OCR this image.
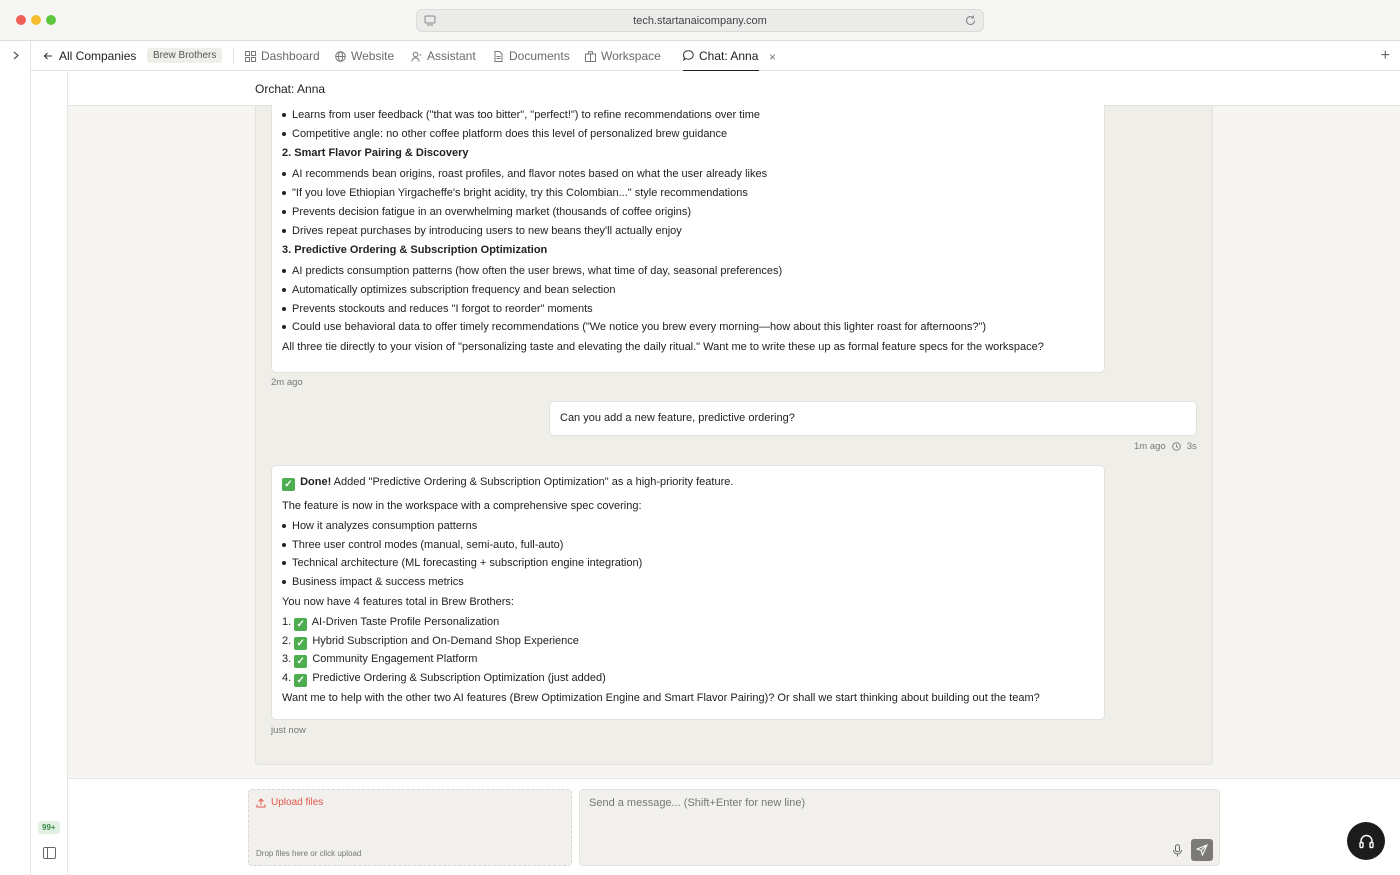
tech.startanaicompany.com
99+
All Companies	Brew Brothers	Dashboard	Website	Assistant	Documents	Workspace	Chat: Anna ×	+
Orchat: Anna
Learns from user feedback ("that was too bitter", "perfect!") to refine recommendations over time
Competitive angle: no other coffee platform does this level of personalized brew guidance
2. Smart Flavor Pairing & Discovery
AI recommends bean origins, roast profiles, and flavor notes based on what the user already likes
"If you love Ethiopian Yirgacheffe's bright acidity, try this Colombian..." style recommendations
Prevents decision fatigue in an overwhelming market (thousands of coffee origins)
Drives repeat purchases by introducing users to new beans they'll actually enjoy
3. Predictive Ordering & Subscription Optimization
AI predicts consumption patterns (how often the user brews, what time of day, seasonal preferences)
Automatically optimizes subscription frequency and bean selection
Prevents stockouts and reduces "I forgot to reorder" moments
Could use behavioral data to offer timely recommendations ("We notice you brew every morning—how about this lighter roast for afternoons?")

All three tie directly to your vision of "personalizing taste and elevating the daily ritual." Want me to write these up as formal feature specs for the workspace?

2m ago
Can you add a new feature, predictive ordering?
1m ago 3s

✓ Done! Added "Predictive Ordering & Subscription Optimization" as a high-priority feature.

The feature is now in the workspace with a comprehensive spec covering:

How it analyzes consumption patterns
Three user control modes (manual, semi-auto, full-auto)
Technical architecture (ML forecasting + subscription engine integration)
Business impact & success metrics

You now have 4 features total in Brew Brothers:

1. ✓ AI-Driven Taste Profile Personalization
2. ✓ Hybrid Subscription and On-Demand Shop Experience
3. ✓ Community Engagement Platform
4. ✓ Predictive Ordering & Subscription Optimization (just added)

Want me to help with the other two AI features (Brew Optimization Engine and Smart Flavor Pairing)? Or shall we start thinking about building out the team?

just now
Upload files
Drop files here or click upload
Send a message... (Shift+Enter for new line)
